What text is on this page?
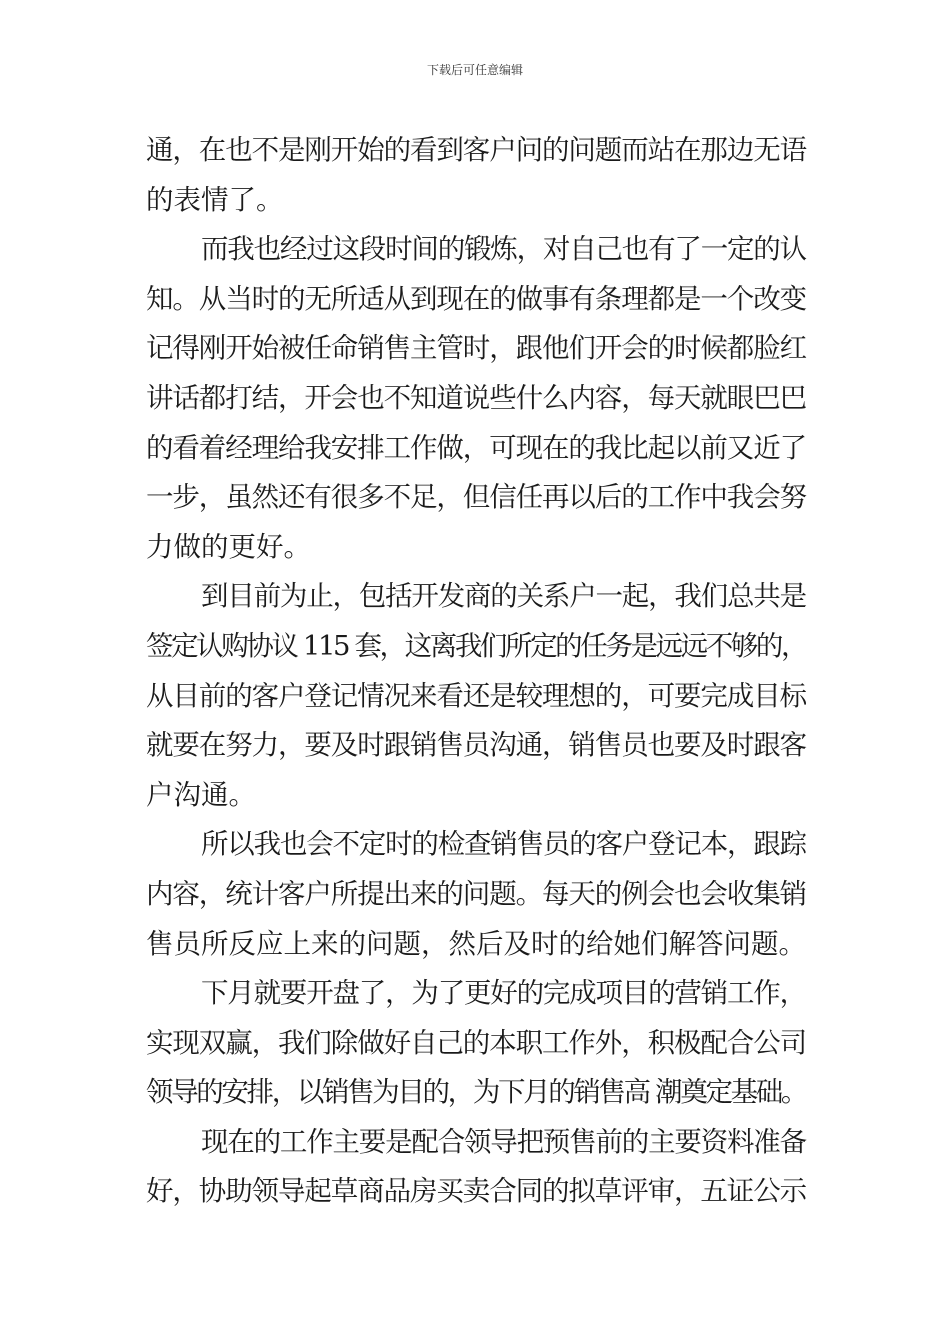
下载后可任意编辑
通，在也不是刚开始的看到客户问的问题而站在那边无语
的表情了。
而我也经过这段时间的锻炼，对自己也有了一定的认
知。从当时的无所适从到现在的做事有条理都是一个改变
记得刚开始被任命销售主管时，跟他们开会的时候都脸红
讲话都打结，开会也不知道说些什么内容，每天就眼巴巴
的看着经理给我安排工作做，可现在的我比起以前又近了
一步，虽然还有很多不足，但信任再以后的工作中我会努
力做的更好。
到目前为止，包括开发商的关系户一起，我们总共是
签定认购协议 115 套，这离我们所定的任务是远远不够的，
从目前的客户登记情况来看还是较理想的，可要完成目标
就要在努力，要及时跟销售员沟通，销售员也要及时跟客
户沟通。
所以我也会不定时的检查销售员的客户登记本，跟踪
内容，统计客户所提出来的问题。每天的例会也会收集销
售员所反应上来的问题，然后及时的给她们解答问题。
下月就要开盘了，为了更好的完成项目的营销工作，
实现双赢，我们除做好自己的本职工作外，积极配合公司
领导的安排，以销售为目的，为下月的销售高 潮奠定基础。
现在的工作主要是配合领导把预售前的主要资料准备
好，协助领导起草商品房买卖合同的拟草评审，五证公示
